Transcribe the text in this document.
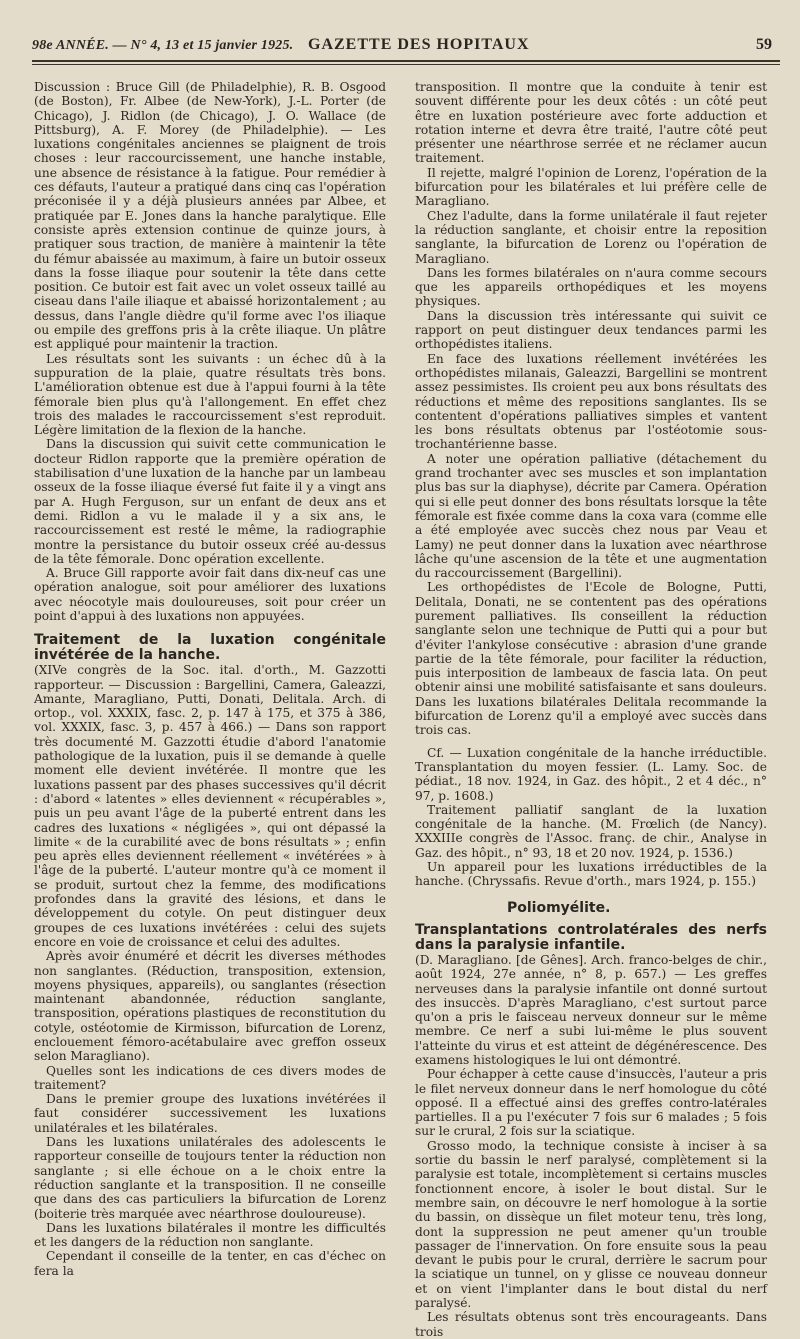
98e ANNÉE. — N° 4, 13 et 15 janvier 1925. GAZETTE DES HOPITAUX	59

Discussion : Bruce Gill (de Philadelphie), R. B. Osgood (de Boston), Fr. Albee (de New-York), J.-L. Porter (de Chicago), J. Ridlon (de Chicago), J. O. Wallace (de Pittsburg), A. F. Morey (de Philadelphie). — Les luxations congénitales anciennes se plaignent de trois choses : leur raccourcissement, une hanche instable, une absence de résistance à la fatigue. Pour remédier à ces défauts, l'auteur a pratiqué dans cinq cas l'opération préconisée il y a déjà plusieurs années par Albee, et pratiquée par E. Jones dans la hanche paralytique. Elle consiste après extension continue de quinze jours, à pratiquer sous traction, de manière à maintenir la tête du fémur abaissée au maximum, à faire un butoir osseux dans la fosse iliaque pour soutenir la tête dans cette position. Ce butoir est fait avec un volet osseux taillé au ciseau dans l'aile iliaque et abaissé horizontalement ; au dessus, dans l'angle dièdre qu'il forme avec l'os iliaque ou empile des greffons pris à la crête iliaque. Un plâtre est appliqué pour maintenir la traction.

Les résultats sont les suivants : un échec dû à la suppuration de la plaie, quatre résultats très bons. L'amélioration obtenue est due à l'appui fourni à la tête fémorale bien plus qu'à l'allongement. En effet chez trois des malades le raccourcissement s'est reproduit. Légère limitation de la flexion de la hanche.

Dans la discussion qui suivit cette communication le docteur Ridlon rapporte que la première opération de stabilisation d'une luxation de la hanche par un lambeau osseux de la fosse iliaque éversé fut faite il y a vingt ans par A. Hugh Ferguson, sur un enfant de deux ans et demi. Ridlon a vu le malade il y a six ans, le raccourcissement est resté le même, la radiographie montre la persistance du butoir osseux créé au-dessus de la tête fémorale. Donc opération excellente.

A. Bruce Gill rapporte avoir fait dans dix-neuf cas une opération analogue, soit pour améliorer des luxations avec néocotyle mais douloureuses, soit pour créer un point d'appui à des luxations non appuyées.

Traitement de la luxation congénitale invétérée de la hanche.

(XIVe congrès de la Soc. ital. d'orth., M. Gazzotti rapporteur. — Discussion : Bargellini, Camera, Galeazzi, Amante, Maragliano, Putti, Donati, Delitala. Arch. di ortop., vol. XXXIX, fasc. 2, p. 147 à 175, et 375 à 386, vol. XXXIX, fasc. 3, p. 457 à 466.) — Dans son rapport très documenté M. Gazzotti étudie d'abord l'anatomie pathologique de la luxation, puis il se demande à quelle moment elle devient invétérée. Il montre que les luxations passent par des phases successives qu'il décrit : d'abord « latentes » elles deviennent « récupérables », puis un peu avant l'âge de la puberté entrent dans les cadres des luxations « négligées », qui ont dépassé la limite « de la curabilité avec de bons résultats » ; enfin peu après elles deviennent réellement « invétérées » à l'âge de la puberté. L'auteur montre qu'à ce moment il se produit, surtout chez la femme, des modifications profondes dans la gravité des lésions, et dans le développement du cotyle. On peut distinguer deux groupes de ces luxations invétérées : celui des sujets encore en voie de croissance et celui des adultes.

Après avoir énuméré et décrit les diverses méthodes non sanglantes. (Réduction, transposition, extension, moyens physiques, appareils), ou sanglantes (résection maintenant abandonnée, réduction sanglante, transposition, opérations plastiques de reconstitution du cotyle, ostéotomie de Kirmisson, bifurcation de Lorenz, enclouement fémoro-acétabulaire avec greffon osseux selon Maragliano).

Quelles sont les indications de ces divers modes de traitement?

Dans le premier groupe des luxations invétérées il faut considérer successivement les luxations unilatérales et les bilatérales.

Dans les luxations unilatérales des adolescents le rapporteur conseille de toujours tenter la réduction non sanglante ; si elle échoue on a le choix entre la réduction sanglante et la transposition. Il ne conseille que dans des cas particuliers la bifurcation de Lorenz (boiterie très marquée avec néarthrose douloureuse).

Dans les luxations bilatérales il montre les difficultés et les dangers de la réduction non sanglante.

Cependant il conseille de la tenter, en cas d'échec on fera la

transposition. Il montre que la conduite à tenir est souvent différente pour les deux côtés : un côté peut être en luxation postérieure avec forte adduction et rotation interne et devra être traité, l'autre côté peut présenter une néarthrose serrée et ne réclamer aucun traitement.

Il rejette, malgré l'opinion de Lorenz, l'opération de la bifurcation pour les bilatérales et lui préfère celle de Maragliano.

Chez l'adulte, dans la forme unilatérale il faut rejeter la réduction sanglante, et choisir entre la reposition sanglante, la bifurcation de Lorenz ou l'opération de Maragliano.

Dans les formes bilatérales on n'aura comme secours que les appareils orthopédiques et les moyens physiques.

Dans la discussion très intéressante qui suivit ce rapport on peut distinguer deux tendances parmi les orthopédistes italiens.

En face des luxations réellement invétérées les orthopédistes milanais, Galeazzi, Bargellini se montrent assez pessimistes. Ils croient peu aux bons résultats des réductions et même des repositions sanglantes. Ils se contentent d'opérations palliatives simples et vantent les bons résultats obtenus par l'ostéotomie sous-trochantérienne basse.

A noter une opération palliative (détachement du grand trochanter avec ses muscles et son implantation plus bas sur la diaphyse), décrite par Camera. Opération qui si elle peut donner des bons résultats lorsque la tête fémorale est fixée comme dans la coxa vara (comme elle a été employée avec succès chez nous par Veau et Lamy) ne peut donner dans la luxation avec néarthrose lâche qu'une ascension de la tête et une augmentation du raccourcissement (Bargellini).

Les orthopédistes de l'Ecole de Bologne, Putti, Delitala, Donati, ne se contentent pas des opérations purement palliatives. Ils conseillent la réduction sanglante selon une technique de Putti qui a pour but d'éviter l'ankylose consécutive : abrasion d'une grande partie de la tête fémorale, pour faciliter la réduction, puis interposition de lambeaux de fascia lata. On peut obtenir ainsi une mobilité satisfaisante et sans douleurs. Dans les luxations bilatérales Delitala recommande la bifurcation de Lorenz qu'il a employé avec succès dans trois cas.

Cf. — Luxation congénitale de la hanche irréductible. Transplantation du moyen fessier. (L. Lamy. Soc. de pédiat., 18 nov. 1924, in Gaz. des hôpit., 2 et 4 déc., n° 97, p. 1608.)

Traitement palliatif sanglant de la luxation congénitale de la hanche. (M. Frœlich (de Nancy). XXXIIIe congrès de l'Assoc. franç. de chir., Analyse in Gaz. des hôpit., n° 93, 18 et 20 nov. 1924, p. 1536.)

Un appareil pour les luxations irréductibles de la hanche. (Chryssafis. Revue d'orth., mars 1924, p. 155.)

Poliomyélite.
Transplantations controlatérales des nerfs dans la paralysie infantile.

(D. Maragliano. [de Gênes]. Arch. franco-belges de chir., août 1924, 27e année, n° 8, p. 657.) — Les greffes nerveuses dans la paralysie infantile ont donné surtout des insuccès. D'après Maragliano, c'est surtout parce qu'on a pris le faisceau nerveux donneur sur le même membre. Ce nerf a subi lui-même le plus souvent l'atteinte du virus et est atteint de dégénérescence. Des examens histologiques le lui ont démontré.

Pour échapper à cette cause d'insuccès, l'auteur a pris le filet nerveux donneur dans le nerf homologue du côté opposé. Il a effectué ainsi des greffes contro-latérales partielles. Il a pu l'exécuter 7 fois sur 6 malades ; 5 fois sur le crural, 2 fois sur la sciatique.

Grosso modo, la technique consiste à inciser à sa sortie du bassin le nerf paralysé, complètement si la paralysie est totale, incomplètement si certains muscles fonctionnent encore, à isoler le bout distal. Sur le membre sain, on découvre le nerf homologue à la sortie du bassin, on dissèque un filet moteur tenu, très long, dont la suppression ne peut amener qu'un trouble passager de l'innervation. On fore ensuite sous la peau devant le pubis pour le crural, derrière le sacrum pour la sciatique un tunnel, on y glisse ce nouveau donneur et on vient l'implanter dans le bout distal du nerf paralysé.

Les résultats obtenus sont très encourageants. Dans trois
